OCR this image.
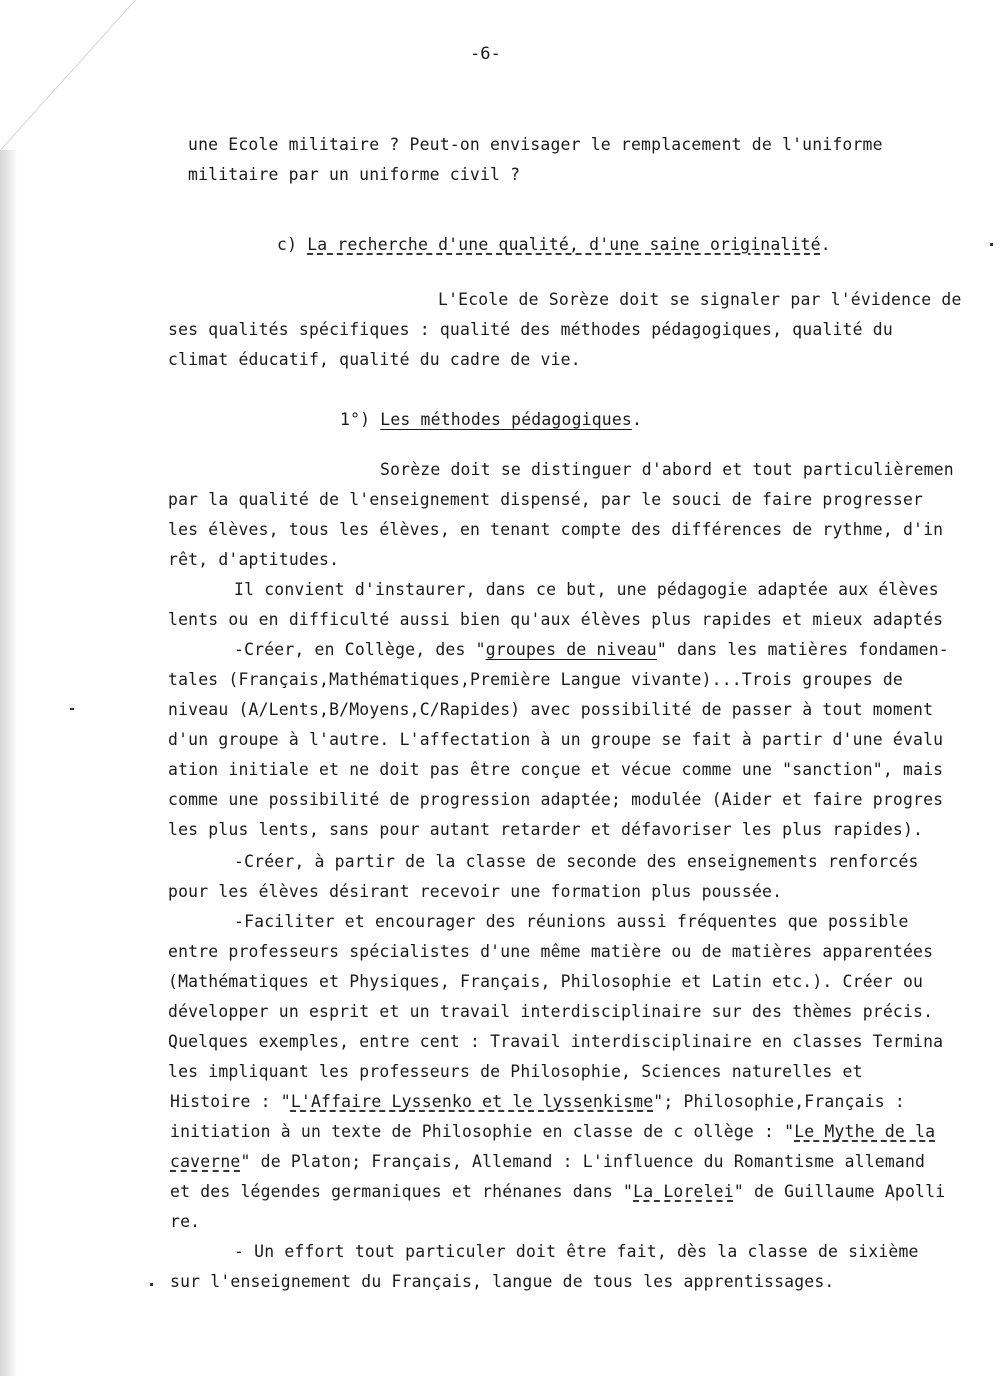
-6-
une Ecole militaire ? Peut-on envisager le remplacement de l'uniforme
militaire par un uniforme civil ?
c) La recherche d'une qualité, d'une saine originalité.
L'Ecole de Sorèze doit se signaler par l'évidence de
ses qualités spécifiques : qualité des méthodes pédagogiques, qualité du
climat éducatif, qualité du cadre de vie.
1°) Les méthodes pédagogiques.
Sorèze doit se distinguer d'abord et tout particulièremen
par la qualité de l'enseignement dispensé, par le souci de faire progresser
les élèves, tous les élèves, en tenant compte des différences de rythme, d'in
rêt, d'aptitudes.
Il convient d'instaurer, dans ce but, une pédagogie adaptée aux élèves
lents ou en difficulté aussi bien qu'aux élèves plus rapides et mieux adaptés
-Créer, en Collège, des "groupes de niveau" dans les matières fondamen-
tales (Français,Mathématiques,Première Langue vivante)...Trois groupes de
niveau (A/Lents,B/Moyens,C/Rapides) avec possibilité de passer à tout moment
d'un groupe à l'autre. L'affectation à un groupe se fait à partir d'une évalu
ation initiale et ne doit pas être conçue et vécue comme une "sanction", mais
comme une possibilité de progression adaptée; modulée (Aider et faire progres
les plus lents, sans pour autant retarder et défavoriser les plus rapides).
-Créer, à partir de la classe de seconde des enseignements renforcés
pour les élèves désirant recevoir une formation plus poussée.
-Faciliter et encourager des réunions aussi fréquentes que possible
entre professeurs spécialistes d'une même matière ou de matières apparentées
(Mathématiques et Physiques, Français, Philosophie et Latin etc.). Créer ou
développer un esprit et un travail interdisciplinaire sur des thèmes précis.
Quelques exemples, entre cent : Travail interdisciplinaire en classes Termina
les impliquant les professeurs de Philosophie, Sciences naturelles et
Histoire : "L'Affaire Lyssenko et le lyssenkisme"; Philosophie,Français :
initiation à un texte de Philosophie en classe de c ollège : "Le Mythe de la
caverne" de Platon; Français, Allemand : L'influence du Romantisme allemand
et des légendes germaniques et rhénanes dans "La Lorelei" de Guillaume Apolli
re.
- Un effort tout particuler doit être fait, dès la classe de sixième
sur l'enseignement du Français, langue de tous les apprentissages.
